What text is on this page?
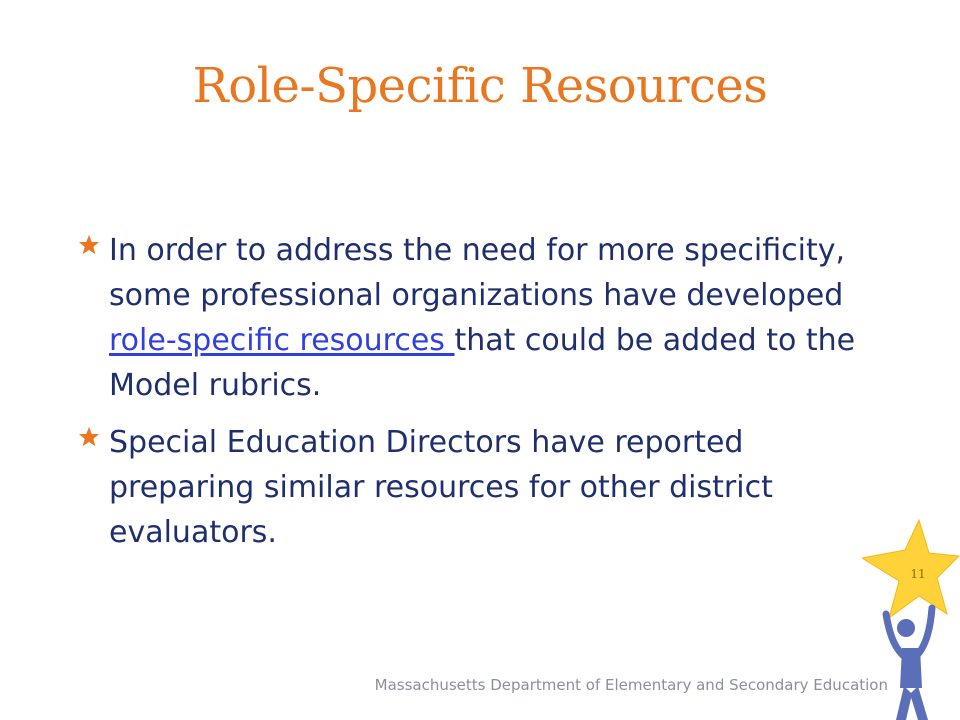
Role-Specific Resources
In order to address the need for more specificity, some professional organizations have developed role-specific resources that could be added to the Model rubrics.
Special Education Directors have reported preparing similar resources for other district evaluators.
Massachusetts Department of Elementary and Secondary Education
11
